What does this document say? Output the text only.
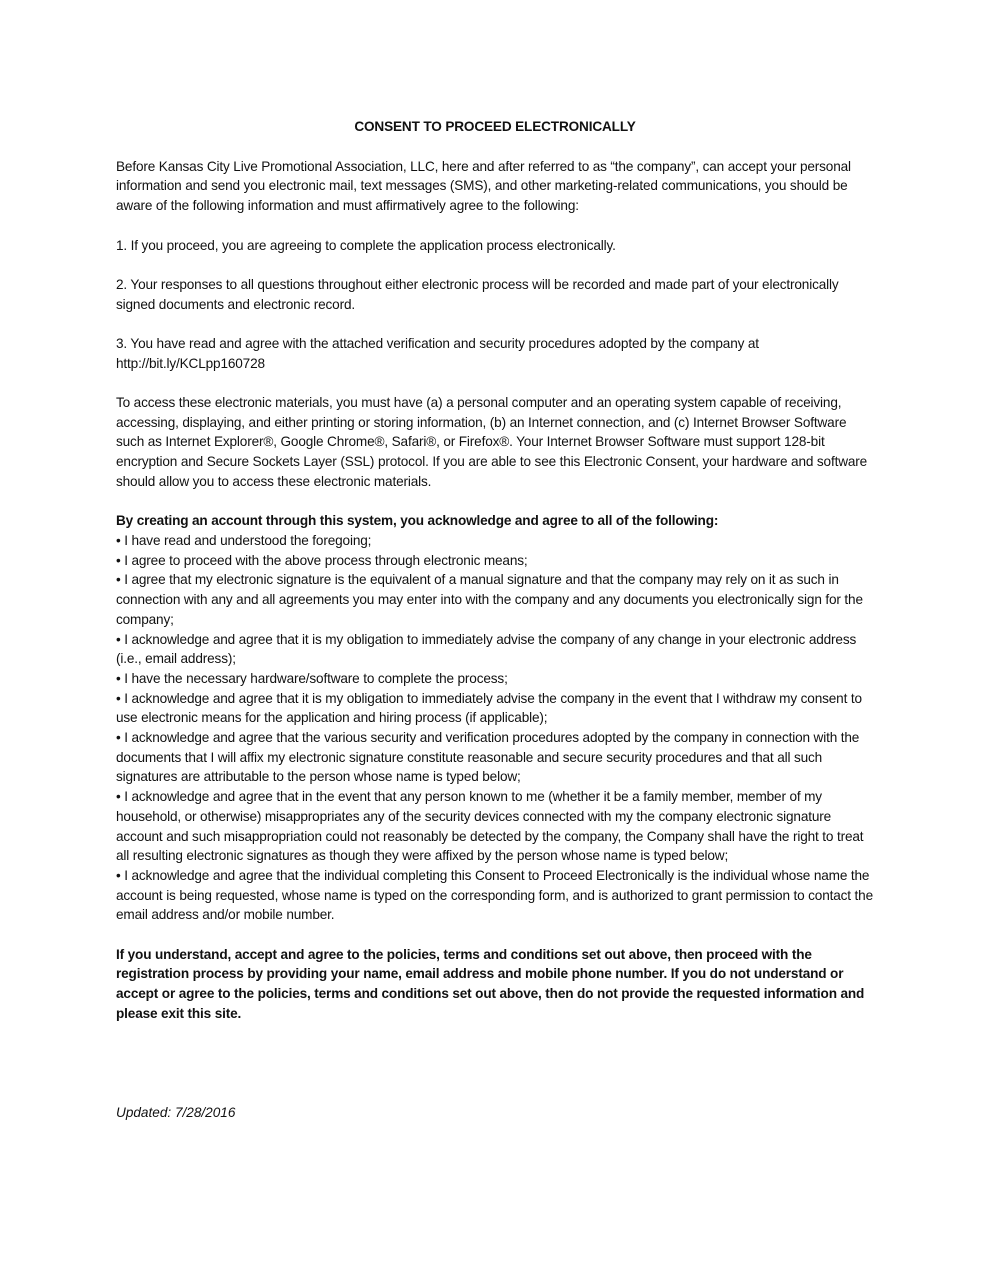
CONSENT TO PROCEED ELECTRONICALLY

Before Kansas City Live Promotional Association, LLC, here and after referred to as “the company”, can accept your personal information and send you electronic mail, text messages (SMS), and other marketing-related communications, you should be aware of the following information and must affirmatively agree to the following:

1. If you proceed, you are agreeing to complete the application process electronically.

2. Your responses to all questions throughout either electronic process will be recorded and made part of your electronically signed documents and electronic record.

3. You have read and agree with the attached verification and security procedures adopted by the company at
http://bit.ly/KCLpp160728

To access these electronic materials, you must have (a) a personal computer and an operating system capable of receiving, accessing, displaying, and either printing or storing information, (b) an Internet connection, and (c) Internet Browser Software such as Internet Explorer®, Google Chrome®, Safari®, or Firefox®. Your Internet Browser Software must support 128-bit encryption and Secure Sockets Layer (SSL) protocol. If you are able to see this Electronic Consent, your hardware and software should allow you to access these electronic materials.

By creating an account through this system, you acknowledge and agree to all of the following:
• I have read and understood the foregoing;
• I agree to proceed with the above process through electronic means;
• I agree that my electronic signature is the equivalent of a manual signature and that the company may rely on it as such in connection with any and all agreements you may enter into with the company and any documents you electronically sign for the company;
• I acknowledge and agree that it is my obligation to immediately advise the company of any change in your electronic address (i.e., email address);
• I have the necessary hardware/software to complete the process;
• I acknowledge and agree that it is my obligation to immediately advise the company in the event that I withdraw my consent to use electronic means for the application and hiring process (if applicable);
• I acknowledge and agree that the various security and verification procedures adopted by the company in connection with the documents that I will affix my electronic signature constitute reasonable and secure security procedures and that all such signatures are attributable to the person whose name is typed below;
• I acknowledge and agree that in the event that any person known to me (whether it be a family member, member of my household, or otherwise) misappropriates any of the security devices connected with my the company electronic signature account and such misappropriation could not reasonably be detected by the company, the Company shall have the right to treat all resulting electronic signatures as though they were affixed by the person whose name is typed below;
• I acknowledge and agree that the individual completing this Consent to Proceed Electronically is the individual whose name the account is being requested, whose name is typed on the corresponding form, and is authorized to grant permission to contact the email address and/or mobile number.

If you understand, accept and agree to the policies, terms and conditions set out above, then proceed with the registration process by providing your name, email address and mobile phone number. If you do not understand or accept or agree to the policies, terms and conditions set out above, then do not provide the requested information and please exit this site.

Updated: 7/28/2016
